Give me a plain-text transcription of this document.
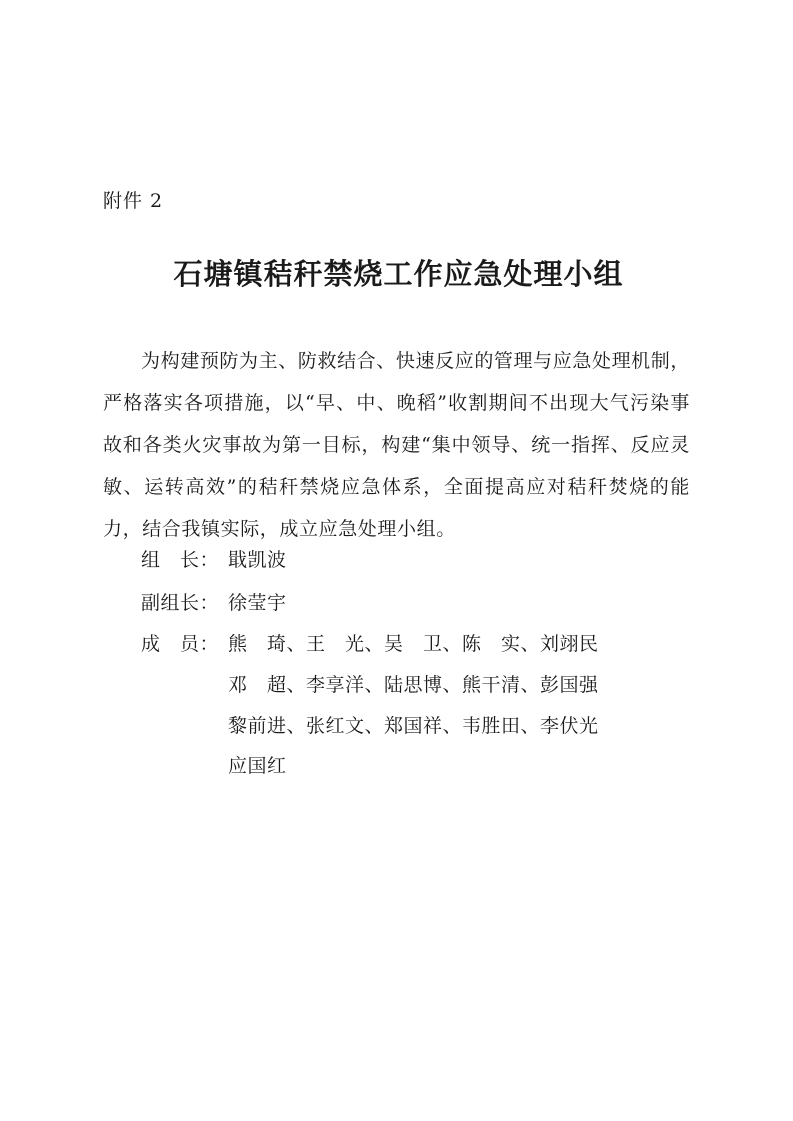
附件 2
石塘镇秸秆禁烧工作应急处理小组

为构建预防为主、防救结合、快速反应的管理与应急处理机制，严格落实各项措施，以“早、中、晚稻”收割期间不出现大气污染事故和各类火灾事故为第一目标，构建“集中领导、统一指挥、反应灵敏、运转高效”的秸秆禁烧应急体系，全面提高应对秸秆焚烧的能力，结合我镇实际，成立应急处理小组。

组　长： 戢凯波
副组长： 徐莹宇
成　员： 熊　琦、王　光、吴　卫、陈　实、刘翊民
邓　超、李享洋、陆思博、熊干清、彭国强
黎前进、张红文、郑国祥、韦胜田、李伏光
应国红
